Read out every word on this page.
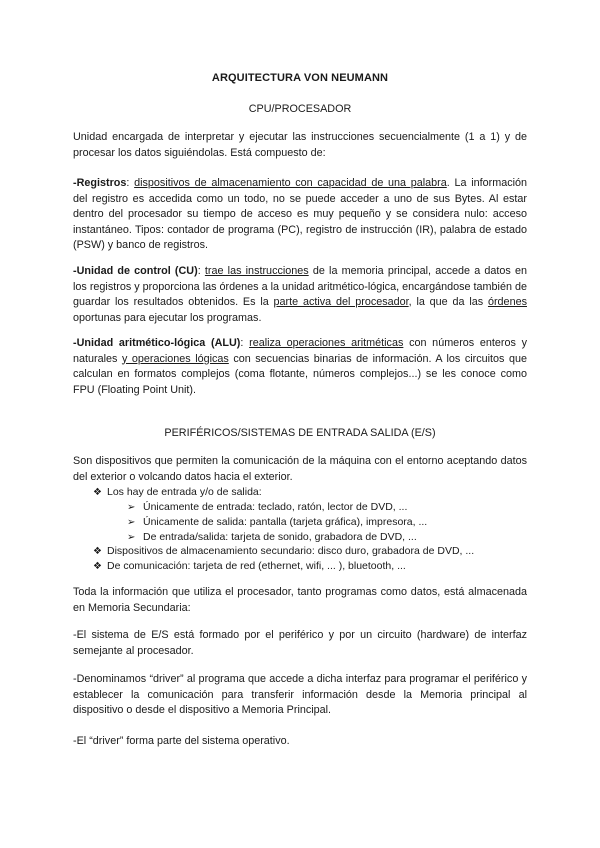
ARQUITECTURA VON NEUMANN
CPU/PROCESADOR
Unidad encargada de interpretar y ejecutar las instrucciones secuencialmente (1 a 1) y de procesar los datos siguiéndolas. Está compuesto de:
-Registros: dispositivos de almacenamiento con capacidad de una palabra. La información del registro es accedida como un todo, no se puede acceder a uno de sus Bytes. Al estar dentro del procesador su tiempo de acceso es muy pequeño y se considera nulo: acceso instantáneo. Tipos: contador de programa (PC), registro de instrucción (IR), palabra de estado (PSW) y banco de registros.
-Unidad de control (CU): trae las instrucciones de la memoria principal, accede a datos en los registros y proporciona las órdenes a la unidad aritmético-lógica, encargándose también de guardar los resultados obtenidos. Es la parte activa del procesador, la que da las órdenes oportunas para ejecutar los programas.
-Unidad aritmético-lógica (ALU): realiza operaciones aritméticas con números enteros y naturales y operaciones lógicas con secuencias binarias de información. A los circuitos que calculan en formatos complejos (coma flotante, números complejos...) se les conoce como FPU (Floating Point Unit).
PERIFÉRICOS/SISTEMAS DE ENTRADA SALIDA (E/S)
Son dispositivos que permiten la comunicación de la máquina con el entorno aceptando datos del exterior o volcando datos hacia el exterior.
❖ Los hay de entrada y/o de salida:
➢ Únicamente de entrada: teclado, ratón, lector de DVD, ...
➢ Únicamente de salida: pantalla (tarjeta gráfica), impresora, ...
➢ De entrada/salida: tarjeta de sonido, grabadora de DVD, ...
❖ Dispositivos de almacenamiento secundario: disco duro, grabadora de DVD, ...
❖ De comunicación: tarjeta de red (ethernet, wifi, ... ), bluetooth, ...
Toda la información que utiliza el procesador, tanto programas como datos, está almacenada en Memoria Secundaria:
-El sistema de E/S está formado por el periférico y por un circuito (hardware) de interfaz semejante al procesador.
-Denominamos “driver” al programa que accede a dicha interfaz para programar el periférico y establecer la comunicación para transferir información desde la Memoria principal al dispositivo o desde el dispositivo a Memoria Principal.
-El “driver” forma parte del sistema operativo.
